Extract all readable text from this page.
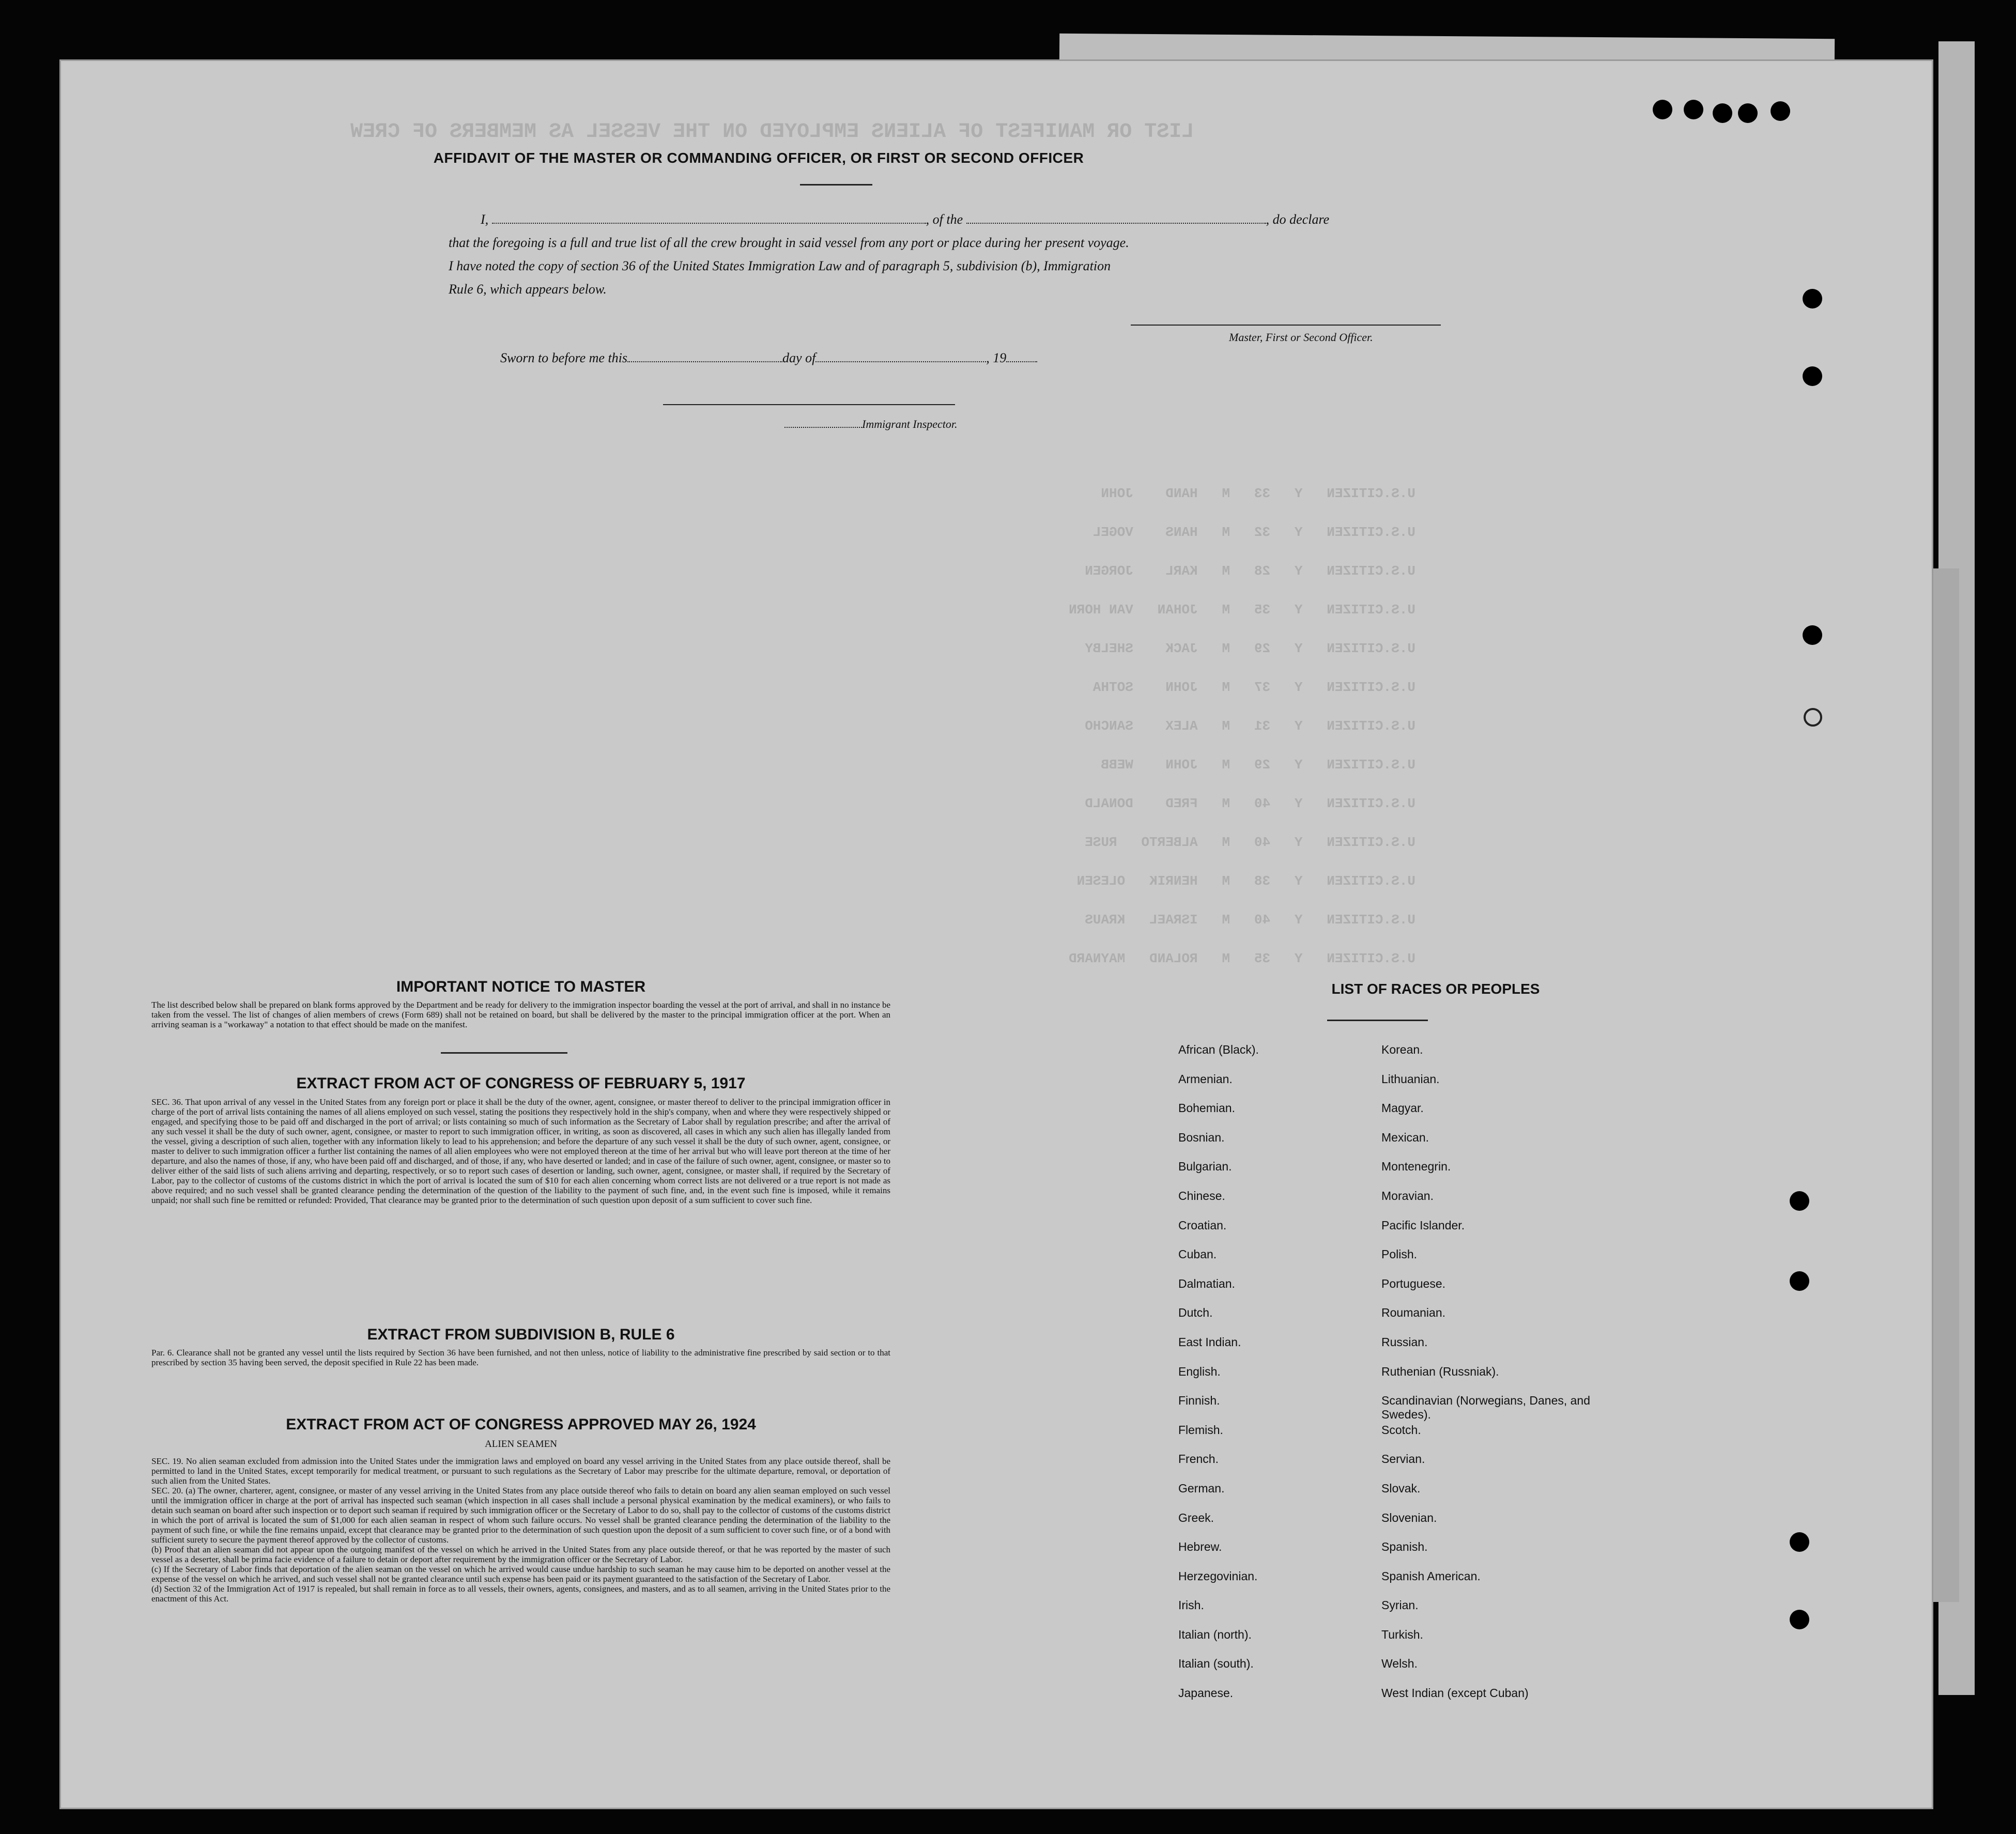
LIST OR MANIFEST OF ALIENS EMPLOYED ON THE VESSEL AS MEMBERS OF CREW
U.S.CITIZEN   Y   33   M   HAND    JOHN
U.S.CITIZEN   Y   32   M   HANS    VOGEL
U.S.CITIZEN   Y   28   M   KARL    JORGEN
U.S.CITIZEN   Y   35   M   JOHAN   VAN HORN
U.S.CITIZEN   Y   29   M   JACK    SHELBY
U.S.CITIZEN   Y   37   M   JOHN    SOTHA
U.S.CITIZEN   Y   31   M   ALEX    SANCHO
U.S.CITIZEN   Y   29   M   JOHN    WEBB
U.S.CITIZEN   Y   40   M   FRED    DONALD
U.S.CITIZEN   Y   40   M   ALBERTO   RUSE
U.S.CITIZEN   Y   38   M   HENRIK   OLESEN
U.S.CITIZEN   Y   40   M   ISRAEL   KRAUS
U.S.CITIZEN   Y   35   M   ROLAND   MAYNARD
AFFIDAVIT OF THE MASTER OR COMMANDING OFFICER, OR FIRST OR SECOND OFFICER
I,	, of the	, do declare
that the foregoing is a full and true list of all the crew brought in said vessel from any port or place during her present voyage.
I have noted the copy of section 36 of the United States Immigration Law and of paragraph 5, subdivision (b), Immigration
Rule 6, which appears below.
Master, First or Second Officer.
Sworn to before me this	day of	, 19
Immigrant Inspector.
IMPORTANT NOTICE TO MASTER
The list described below shall be prepared on blank forms approved by the Department and be ready for delivery to the immigration inspector boarding the vessel at the port of arrival, and shall in no instance be taken from the vessel. The list of changes of alien members of crews (Form 689) shall not be retained on board, but shall be delivered by the master to the principal immigration officer at the port. When an arriving seaman is a "workaway" a notation to that effect should be made on the manifest.
EXTRACT FROM ACT OF CONGRESS OF FEBRUARY 5, 1917
SEC. 36. That upon arrival of any vessel in the United States from any foreign port or place it shall be the duty of the owner, agent, consignee, or master thereof to deliver to the principal immigration officer in charge of the port of arrival lists containing the names of all aliens employed on such vessel, stating the positions they respectively hold in the ship's company, when and where they were respectively shipped or engaged, and specifying those to be paid off and discharged in the port of arrival; or lists containing so much of such information as the Secretary of Labor shall by regulation prescribe; and after the arrival of any such vessel it shall be the duty of such owner, agent, consignee, or master to report to such immigration officer, in writing, as soon as discovered, all cases in which any such alien has illegally landed from the vessel, giving a description of such alien, together with any information likely to lead to his apprehension; and before the departure of any such vessel it shall be the duty of such owner, agent, consignee, or master to deliver to such immigration officer a further list containing the names of all alien employees who were not employed thereon at the time of her arrival but who will leave port thereon at the time of her departure, and also the names of those, if any, who have been paid off and discharged, and of those, if any, who have deserted or landed; and in case of the failure of such owner, agent, consignee, or master so to deliver either of the said lists of such aliens arriving and departing, respectively, or so to report such cases of desertion or landing, such owner, agent, consignee, or master shall, if required by the Secretary of Labor, pay to the collector of customs of the customs district in which the port of arrival is located the sum of $10 for each alien concerning whom correct lists are not delivered or a true report is not made as above required; and no such vessel shall be granted clearance pending the determination of the question of the liability to the payment of such fine, and, in the event such fine is imposed, while it remains unpaid; nor shall such fine be remitted or refunded: Provided, That clearance may be granted prior to the determination of such question upon deposit of a sum sufficient to cover such fine.
EXTRACT FROM SUBDIVISION B, RULE 6
Par. 6. Clearance shall not be granted any vessel until the lists required by Section 36 have been furnished, and not then unless, notice of liability to the administrative fine prescribed by said section or to that prescribed by section 35 having been served, the deposit specified in Rule 22 has been made.
EXTRACT FROM ACT OF CONGRESS APPROVED MAY 26, 1924
ALIEN SEAMEN
SEC. 19. No alien seaman excluded from admission into the United States under the immigration laws and employed on board any vessel arriving in the United States from any place outside thereof, shall be permitted to land in the United States, except temporarily for medical treatment, or pursuant to such regulations as the Secretary of Labor may prescribe for the ultimate departure, removal, or deportation of such alien from the United States.
SEC. 20. (a) The owner, charterer, agent, consignee, or master of any vessel arriving in the United States from any place outside thereof who fails to detain on board any alien seaman employed on such vessel until the immigration officer in charge at the port of arrival has inspected such seaman (which inspection in all cases shall include a personal physical examination by the medical examiners), or who fails to detain such seaman on board after such inspection or to deport such seaman if required by such immigration officer or the Secretary of Labor to do so, shall pay to the collector of customs of the customs district in which the port of arrival is located the sum of $1,000 for each alien seaman in respect of whom such failure occurs. No vessel shall be granted clearance pending the determination of the liability to the payment of such fine, or while the fine remains unpaid, except that clearance may be granted prior to the determination of such question upon the deposit of a sum sufficient to cover such fine, or of a bond with sufficient surety to secure the payment thereof approved by the collector of customs.
(b) Proof that an alien seaman did not appear upon the outgoing manifest of the vessel on which he arrived in the United States from any place outside thereof, or that he was reported by the master of such vessel as a deserter, shall be prima facie evidence of a failure to detain or deport after requirement by the immigration officer or the Secretary of Labor.
(c) If the Secretary of Labor finds that deportation of the alien seaman on the vessel on which he arrived would cause undue hardship to such seaman he may cause him to be deported on another vessel at the expense of the vessel on which he arrived, and such vessel shall not be granted clearance until such expense has been paid or its payment guaranteed to the satisfaction of the Secretary of Labor.
(d) Section 32 of the Immigration Act of 1917 is repealed, but shall remain in force as to all vessels, their owners, agents, consignees, and masters, and as to all seamen, arriving in the United States prior to the enactment of this Act.
LIST OF RACES OR PEOPLES
African (Black).
Armenian.
Bohemian.
Bosnian.
Bulgarian.
Chinese.
Croatian.
Cuban.
Dalmatian.
Dutch.
East Indian.
English.
Finnish.
Flemish.
French.
German.
Greek.
Hebrew.
Herzegovinian.
Irish.
Italian (north).
Italian (south).
Japanese.
Korean.
Lithuanian.
Magyar.
Mexican.
Montenegrin.
Moravian.
Pacific Islander.
Polish.
Portuguese.
Roumanian.
Russian.
Ruthenian (Russniak).
Scandinavian (Norwegians, Danes, and Swedes).
Scotch.
Servian.
Slovak.
Slovenian.
Spanish.
Spanish American.
Syrian.
Turkish.
Welsh.
West Indian (except Cuban)
